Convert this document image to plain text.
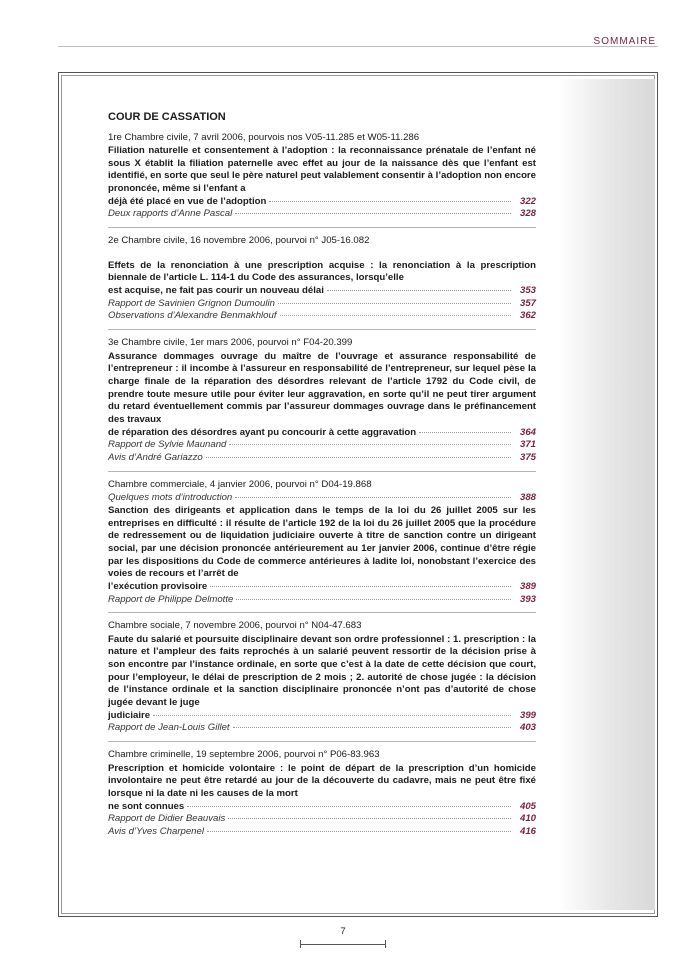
SOMMAIRE
COUR DE CASSATION
1re Chambre civile, 7 avril 2006, pourvois nos V05-11.285 et W05-11.286

Filiation naturelle et consentement à l’adoption : la reconnaissance prénatale de l’enfant né sous X établit la filiation paternelle avec effet au jour de la naissance dès que l’enfant est identifié, en sorte que seul le père naturel peut valablement consentir à l’adoption non encore prononcée, même si l’enfant a

déjà été placé en vue de l’adoption	322
Deux rapports d’Anne Pascal	328
2e Chambre civile, 16 novembre 2006, pourvoi n° J05-16.082

Effets de la renonciation à une prescription acquise : la renonciation à la prescription biennale de l’article L. 114-1 du Code des assurances, lorsqu’elle

est acquise, ne fait pas courir un nouveau délai	353
Rapport de Savinien Grignon Dumoulin	357
Observations d’Alexandre Benmakhlouf	362
3e Chambre civile, 1er mars 2006, pourvoi n° F04-20.399

Assurance dommages ouvrage du maître de l’ouvrage et assurance responsabilité de l’entrepreneur : il incombe à l’assureur en responsabilité de l’entrepreneur, sur lequel pèse la charge finale de la réparation des désordres relevant de l’article 1792 du Code civil, de prendre toute mesure utile pour éviter leur aggravation, en sorte qu’il ne peut tirer argument du retard éventuellement commis par l’assureur dommages ouvrage dans le préfinancement des travaux

de réparation des désordres ayant pu concourir à cette aggravation	364
Rapport de Sylvie Maunand	371
Avis d’André Gariazzo	375
Chambre commerciale, 4 janvier 2006, pourvoi n° D04-19.868
Quelques mots d’introduction	388

Sanction des dirigeants et application dans le temps de la loi du 26 juillet 2005 sur les entreprises en difficulté : il résulte de l’article 192 de la loi du 26 juillet 2005 que la procédure de redressement ou de liquidation judiciaire ouverte à titre de sanction contre un dirigeant social, par une décision prononcée antérieurement au 1er janvier 2006, continue d’être régie par les dispositions du Code de commerce antérieures à ladite loi, nonobstant l’exercice des voies de recours et l’arrêt de

l’exécution provisoire	389
Rapport de Philippe Delmotte	393
Chambre sociale, 7 novembre 2006, pourvoi n° N04-47.683

Faute du salarié et poursuite disciplinaire devant son ordre professionnel : 1. prescription : la nature et l’ampleur des faits reprochés à un salarié peuvent ressortir de la décision prise à son encontre par l’instance ordinale, en sorte que c’est à la date de cette décision que court, pour l’employeur, le délai de prescription de 2 mois ; 2. autorité de chose jugée : la décision de l’instance ordinale et la sanction disciplinaire prononcée n’ont pas d’autorité de chose jugée devant le juge

judiciaire	399
Rapport de Jean-Louis Gillet	403
Chambre criminelle, 19 septembre 2006, pourvoi n° P06-83.963

Prescription et homicide volontaire : le point de départ de la prescription d’un homicide involontaire ne peut être retardé au jour de la découverte du cadavre, mais ne peut être fixé lorsque ni la date ni les causes de la mort

ne sont connues	405
Rapport de Didier Beauvais	410
Avis d’Yves Charpenel	416
7
